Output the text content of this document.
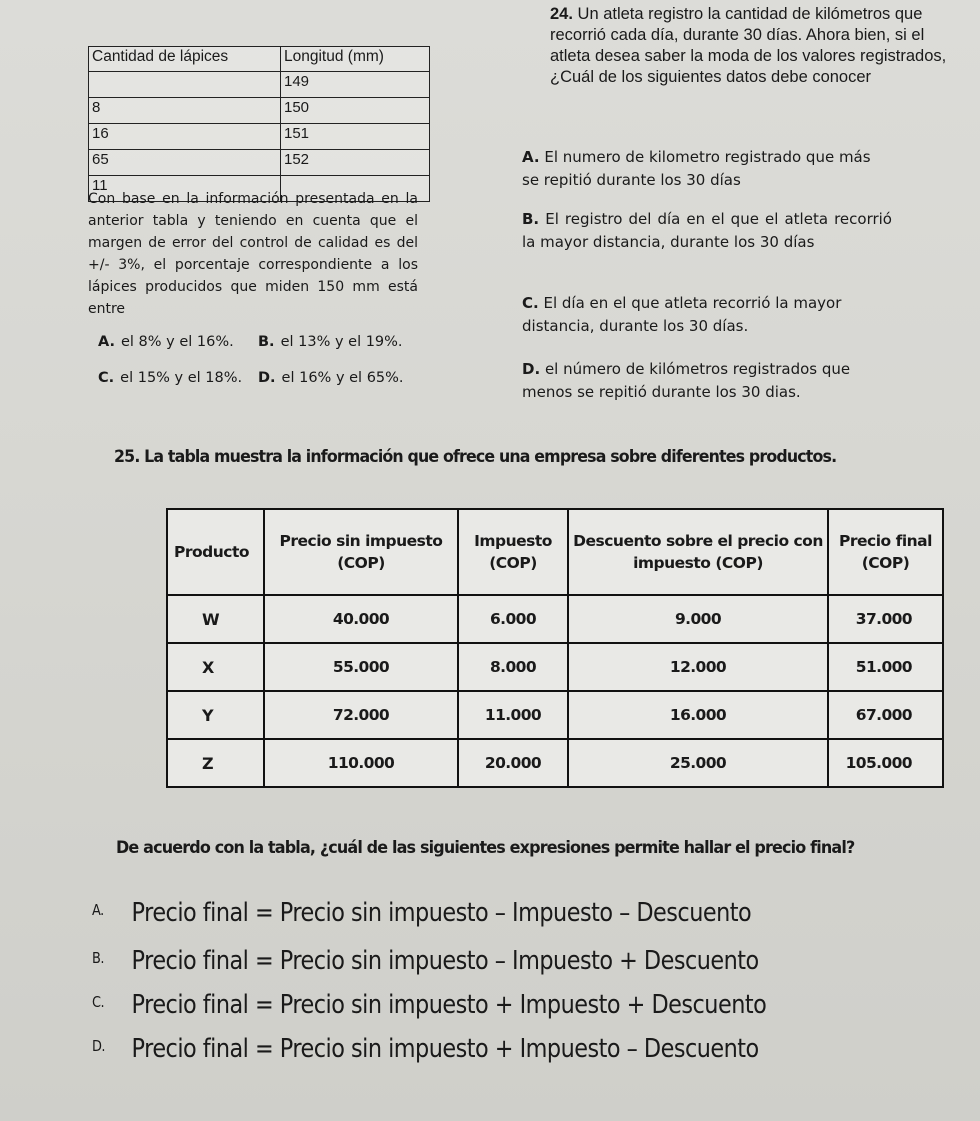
Cantidad de lápices	Longitud (mm)
	149
8	150
16	151
65	152
11	
Con base en la información presentada en la anterior tabla y teniendo en cuenta que el margen de error del control de calidad es del +/- 3%, el porcentaje correspondiente a los lápices producidos que miden 150 mm está entre
A. el 8% y el 16%. B. el 13% y el 19%.
C. el 15% y el 18%. D. el 16% y el 65%.
24. Un atleta registro la cantidad de kilómetros que recorrió cada día, durante 30 días. Ahora bien, si el atleta desea saber la moda de los valores registrados, ¿Cuál de los siguientes datos debe conocer
A. El numero de kilometro registrado que más se repitió durante los 30 días
B. El registro del día en el que el atleta recorrió la mayor distancia, durante los 30 días
C. El día en el que atleta recorrió la mayor distancia, durante los 30 días.
D. el número de kilómetros registrados que menos se repitió durante los 30 dias.
25. La tabla muestra la información que ofrece una empresa sobre diferentes productos.
Producto	Precio sin impuesto (COP)	Impuesto (COP)	Descuento sobre el precio con impuesto (COP)	Precio final (COP)
W	40.000	6.000	9.000	37.000
X	55.000	8.000	12.000	51.000
Y	72.000	11.000	16.000	67.000
Z	110.000	20.000	25.000	105.000
De acuerdo con la tabla, ¿cuál de las siguientes expresiones permite hallar el precio final?
A. Precio final = Precio sin impuesto – Impuesto – Descuento
B. Precio final = Precio sin impuesto – Impuesto + Descuento
C. Precio final = Precio sin impuesto + Impuesto + Descuento
D. Precio final = Precio sin impuesto + Impuesto – Descuento
